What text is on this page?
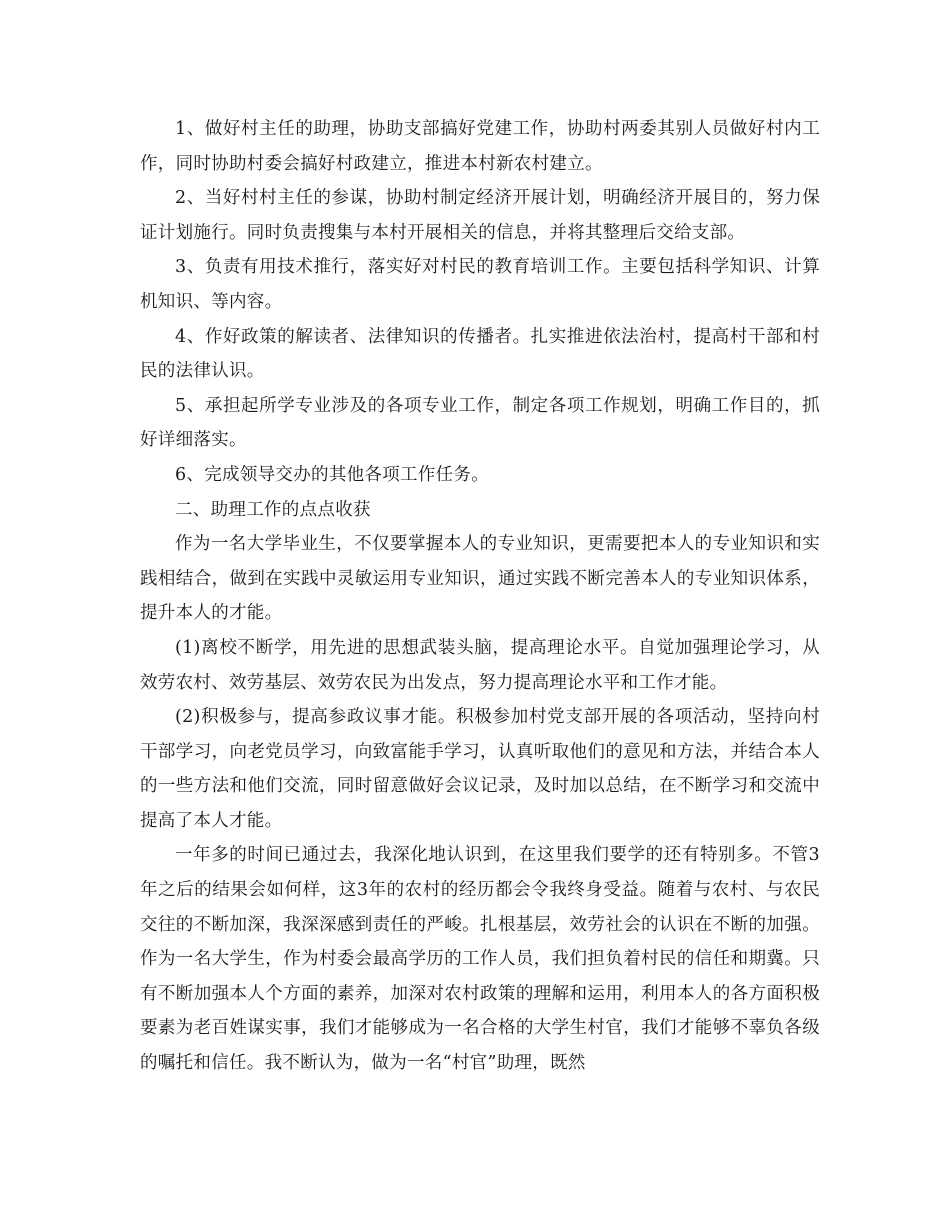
1、做好村主任的助理，协助支部搞好党建工作，协助村两委其别人员做好村内工作，同时协助村委会搞好村政建立，推进本村新农村建立。

2、当好村村主任的参谋，协助村制定经济开展计划，明确经济开展目的，努力保证计划施行。同时负责搜集与本村开展相关的信息，并将其整理后交给支部。

3、负责有用技术推行，落实好对村民的教育培训工作。主要包括科学知识、计算机知识、等内容。

4、作好政策的解读者、法律知识的传播者。扎实推进依法治村，提高村干部和村民的法律认识。

5、承担起所学专业涉及的各项专业工作，制定各项工作规划，明确工作目的，抓好详细落实。

6、完成领导交办的其他各项工作任务。

二、助理工作的点点收获

作为一名大学毕业生，不仅要掌握本人的专业知识，更需要把本人的专业知识和实践相结合，做到在实践中灵敏运用专业知识，通过实践不断完善本人的专业知识体系，提升本人的才能。

(1)离校不断学，用先进的思想武装头脑，提高理论水平。自觉加强理论学习，从效劳农村、效劳基层、效劳农民为出发点，努力提高理论水平和工作才能。

(2)积极参与，提高参政议事才能。积极参加村党支部开展的各项活动，坚持向村干部学习，向老党员学习，向致富能手学习，认真听取他们的意见和方法，并结合本人的一些方法和他们交流，同时留意做好会议记录，及时加以总结，在不断学习和交流中提高了本人才能。

一年多的时间已通过去，我深化地认识到，在这里我们要学的还有特别多。不管3年之后的结果会如何样，这3年的农村的经历都会令我终身受益。随着与农村、与农民交往的不断加深，我深深感到责任的严峻。扎根基层，效劳社会的认识在不断的加强。作为一名大学生，作为村委会最高学历的工作人员，我们担负着村民的信任和期冀。只有不断加强本人个方面的素养，加深对农村政策的理解和运用，利用本人的各方面积极要素为老百姓谋实事，我们才能够成为一名合格的大学生村官，我们才能够不辜负各级的嘱托和信任。我不断认为，做为一名“村官”助理，既然
